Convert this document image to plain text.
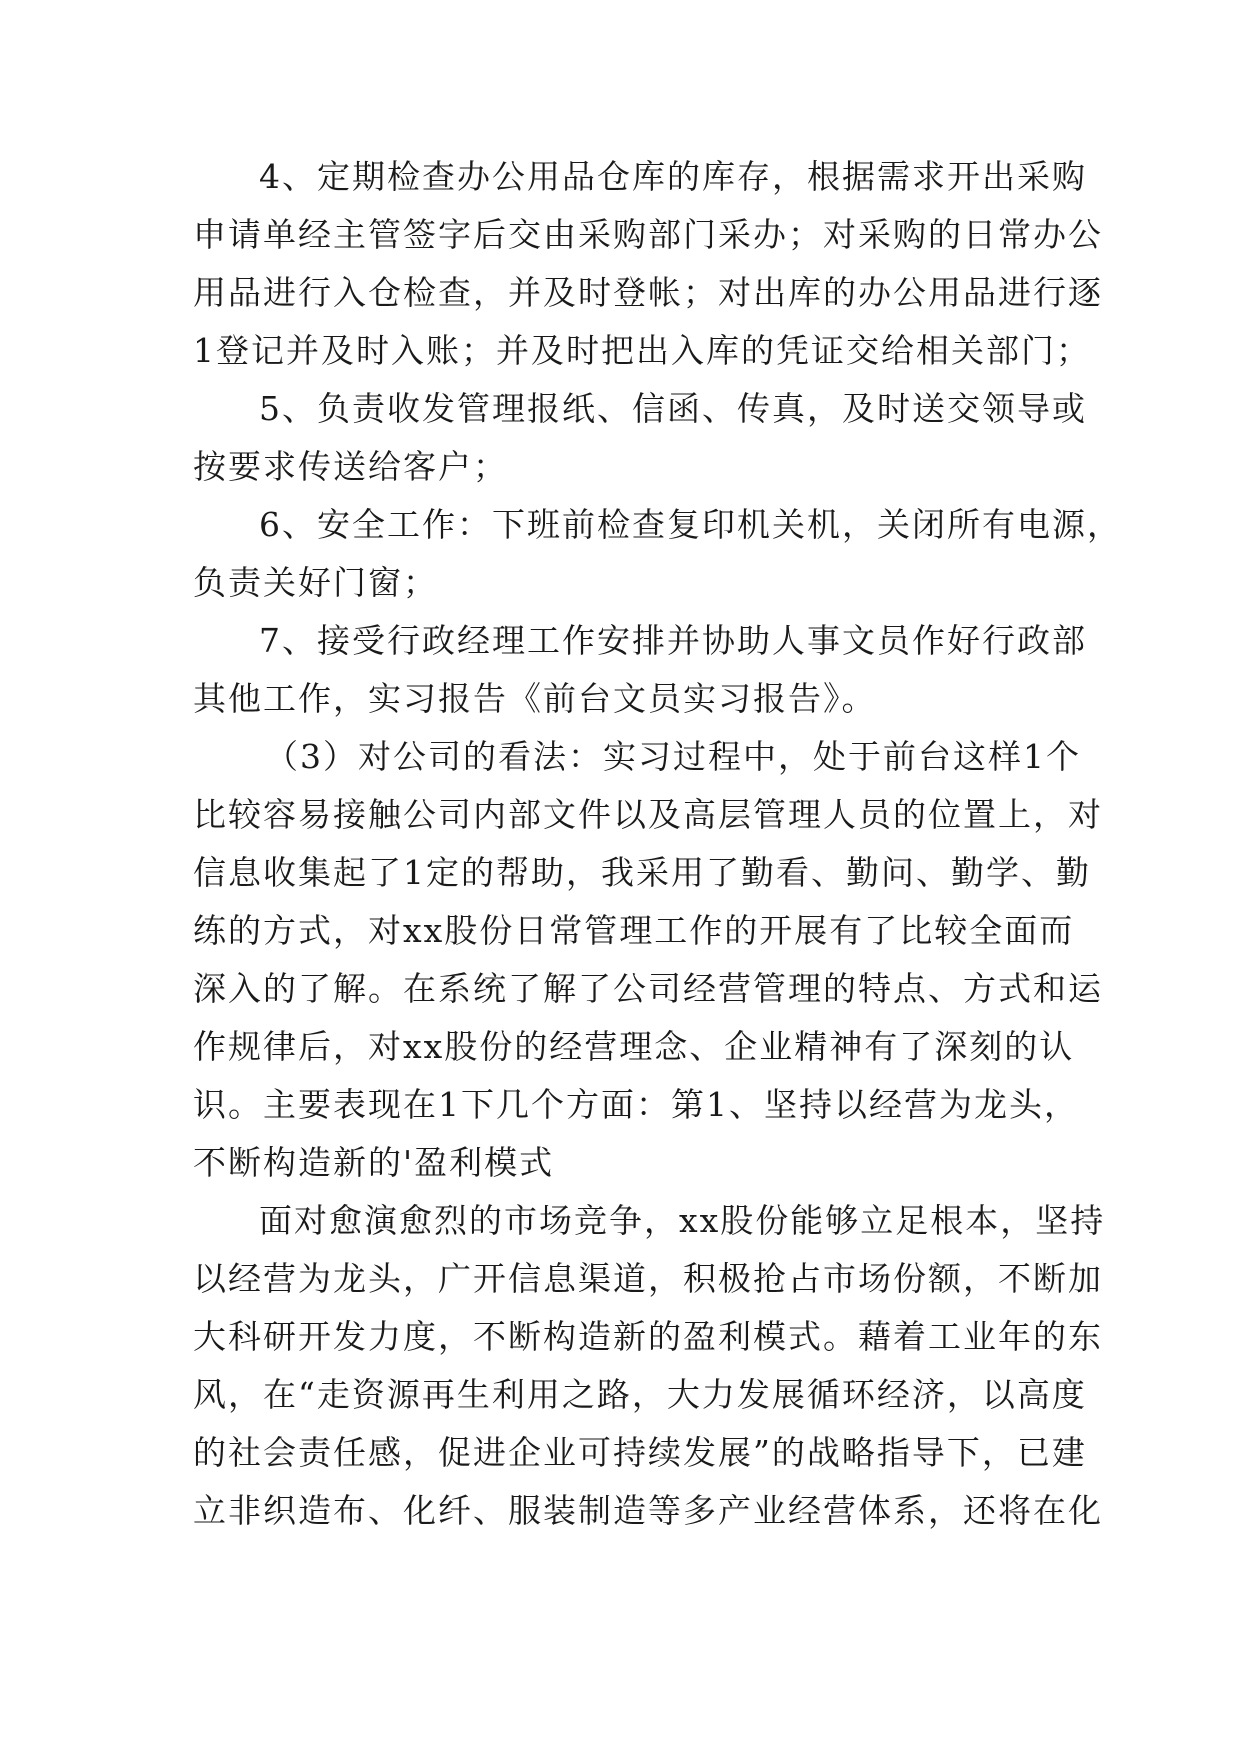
4、定期检查办公用品仓库的库存，根据需求开出采购
申请单经主管签字后交由采购部门采办；对采购的日常办公
用品进行入仓检查，并及时登帐；对出库的办公用品进行逐
1登记并及时入账；并及时把出入库的凭证交给相关部门；
5、负责收发管理报纸、信函、传真，及时送交领导或
按要求传送给客户；
6、安全工作：下班前检查复印机关机，关闭所有电源，
负责关好门窗；
7、接受行政经理工作安排并协助人事文员作好行政部
其他工作，实习报告《前台文员实习报告》。
（3）对公司的看法：实习过程中，处于前台这样1个
比较容易接触公司内部文件以及高层管理人员的位置上，对
信息收集起了1定的帮助，我采用了勤看、勤问、勤学、勤
练的方式，对xx股份日常管理工作的开展有了比较全面而
深入的了解。在系统了解了公司经营管理的特点、方式和运
作规律后，对xx股份的经营理念、企业精神有了深刻的认
识。主要表现在1下几个方面：第1、坚持以经营为龙头，
不断构造新的'盈利模式
面对愈演愈烈的市场竞争，xx股份能够立足根本，坚持
以经营为龙头，广开信息渠道，积极抢占市场份额，不断加
大科研开发力度，不断构造新的盈利模式。藉着工业年的东
风，在“走资源再生利用之路，大力发展循环经济，以高度
的社会责任感，促进企业可持续发展”的战略指导下，已建
立非织造布、化纤、服装制造等多产业经营体系，还将在化
